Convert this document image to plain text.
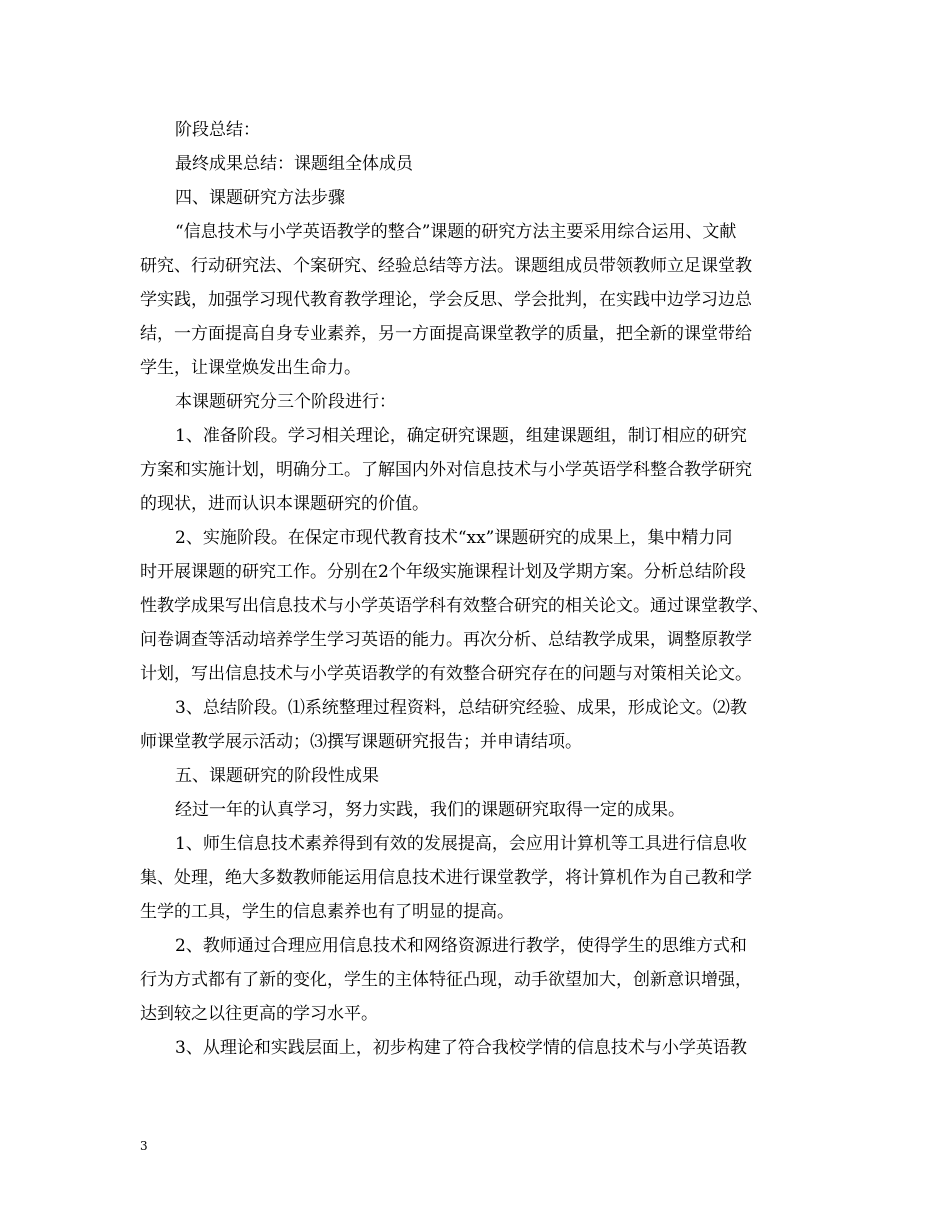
阶段总结：
最终成果总结：课题组全体成员
四、课题研究方法步骤
“信息技术与小学英语教学的整合”课题的研究方法主要采用综合运用、文献
研究、行动研究法、个案研究、经验总结等方法。课题组成员带领教师立足课堂教
学实践，加强学习现代教育教学理论，学会反思、学会批判，在实践中边学习边总
结，一方面提高自身专业素养，另一方面提高课堂教学的质量，把全新的课堂带给
学生，让课堂焕发出生命力。
本课题研究分三个阶段进行：
1、准备阶段。学习相关理论，确定研究课题，组建课题组，制订相应的研究
方案和实施计划，明确分工。了解国内外对信息技术与小学英语学科整合教学研究
的现状，进而认识本课题研究的价值。
2、实施阶段。在保定市现代教育技术“xx”课题研究的成果上，集中精力同
时开展课题的研究工作。分别在2个年级实施课程计划及学期方案。分析总结阶段
性教学成果写出信息技术与小学英语学科有效整合研究的相关论文。通过课堂教学、
问卷调查等活动培养学生学习英语的能力。再次分析、总结教学成果，调整原教学
计划，写出信息技术与小学英语教学的有效整合研究存在的问题与对策相关论文。
3、总结阶段。⑴系统整理过程资料，总结研究经验、成果，形成论文。⑵教
师课堂教学展示活动；⑶撰写课题研究报告；并申请结项。
五、课题研究的阶段性成果
经过一年的认真学习，努力实践，我们的课题研究取得一定的成果。
1、师生信息技术素养得到有效的发展提高，会应用计算机等工具进行信息收
集、处理，绝大多数教师能运用信息技术进行课堂教学，将计算机作为自己教和学
生学的工具，学生的信息素养也有了明显的提高。
2、教师通过合理应用信息技术和网络资源进行教学，使得学生的思维方式和
行为方式都有了新的变化，学生的主体特征凸现，动手欲望加大，创新意识增强，
达到较之以往更高的学习水平。
3、从理论和实践层面上，初步构建了符合我校学情的信息技术与小学英语教
3
